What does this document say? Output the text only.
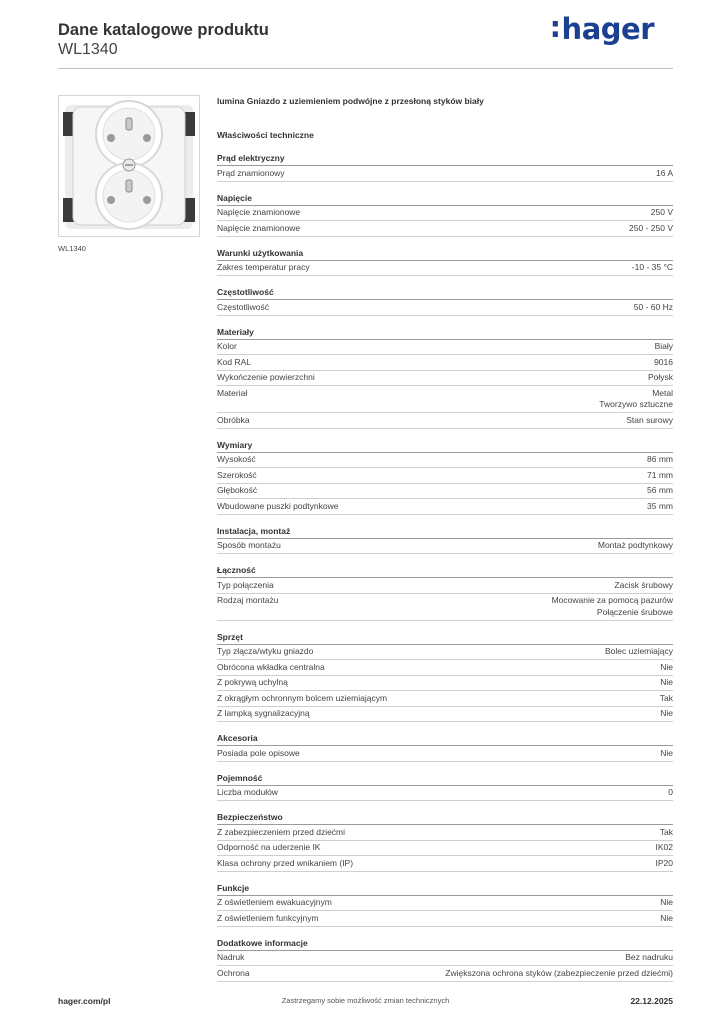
Dane katalogowe produktu
WL1340
:hager
WL1340
lumina Gniazdo z uziemieniem podwójne z przesłoną styków biały
Właściwości techniczne
Prąd elektryczny
Prąd znamionowy	16 A
Napięcie
Napięcie znamionowe	250 V
Napięcie znamionowe	250 - 250 V
Warunki użytkowania
Zakres temperatur pracy	-10 - 35 °C
Częstotliwość
Częstotliwość	50 - 60 Hz
Materiały
Kolor	Biały
Kod RAL	9016
Wykończenie powierzchni	Połysk
Materiał	Metal
Tworzywo sztuczne
Obróbka	Stan surowy
Wymiary
Wysokość	86 mm
Szerokość	71 mm
Głębokość	56 mm
Wbudowane puszki podtynkowe	35 mm
Instalacja, montaż
Sposób montażu	Montaż podtynkowy
Łączność
Typ połączenia	Zacisk śrubowy
Rodzaj montażu	Mocowanie za pomocą pazurów
Połączenie śrubowe
Sprzęt
Typ złącza/wtyku gniazdo	Bolec uziemiający
Obrócona wkładka centralna	Nie
Z pokrywą uchylną	Nie
Z okrągłym ochronnym bolcem uziemiającym	Tak
Z lampką sygnalizacyjną	Nie
Akcesoria
Posiada pole opisowe	Nie
Pojemność
Liczba modułów	0
Bezpieczeństwo
Z zabezpieczeniem przed dziećmi	Tak
Odporność na uderzenie IK	IK02
Klasa ochrony przed wnikaniem (IP)	IP20
Funkcje
Z oświetleniem ewakuacyjnym	Nie
Z oświetleniem funkcyjnym	Nie
Dodatkowe informacje
Nadruk	Bez nadruku
Ochrona	Zwiększona ochrona styków (zabezpieczenie przed dziećmi)
hager.com/pl	Zastrzegamy sobie możliwość zmian technicznych	22.12.2025
